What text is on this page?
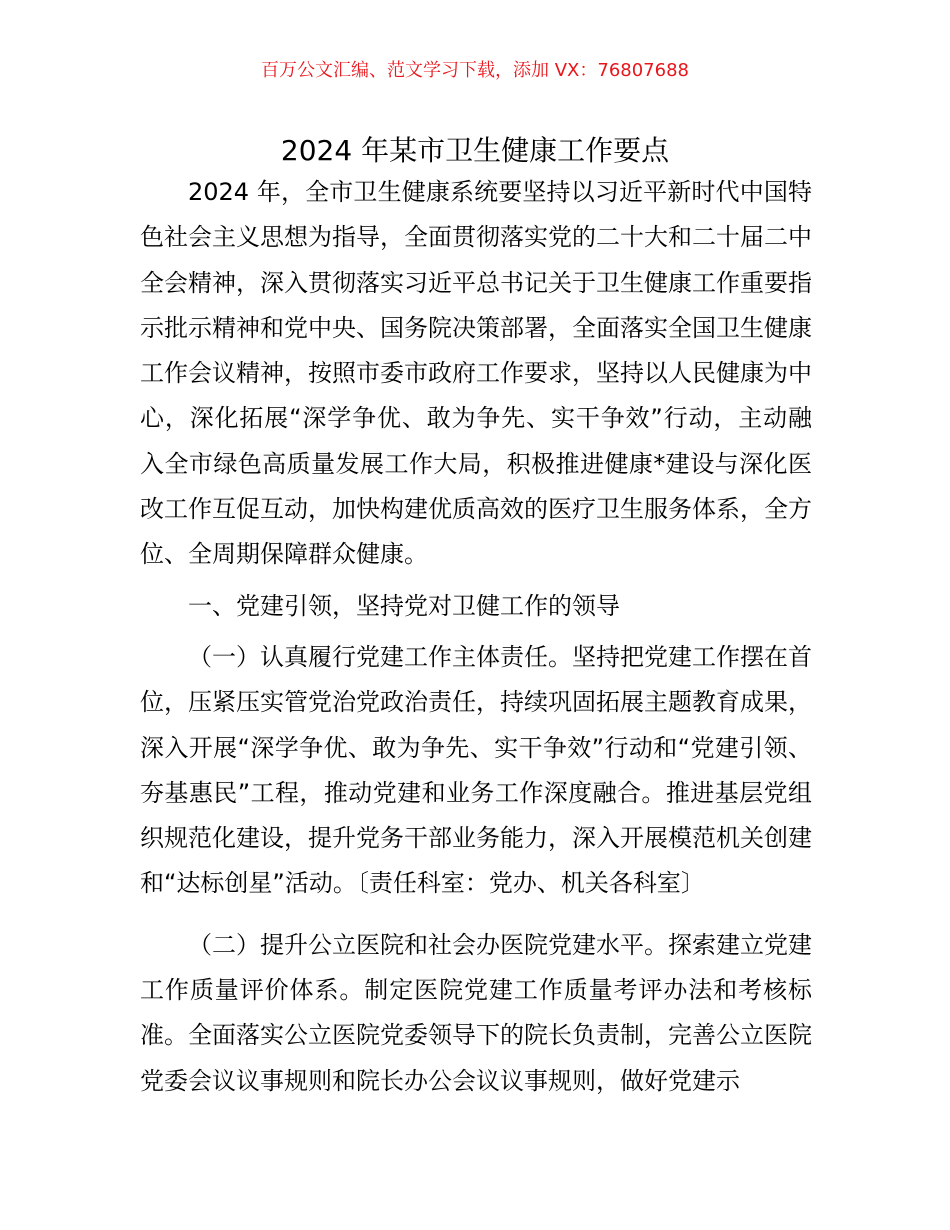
百万公文汇编、范文学习下载，添加 VX：76807688
2024 年某市卫生健康工作要点

2024 年，全市卫生健康系统要坚持以习近平新时代中国特色社会主义思想为指导，全面贯彻落实党的二十大和二十届二中全会精神，深入贯彻落实习近平总书记关于卫生健康工作重要指示批示精神和党中央、国务院决策部署，全面落实全国卫生健康工作会议精神，按照市委市政府工作要求，坚持以人民健康为中心，深化拓展“深学争优、敢为争先、实干争效”行动，主动融入全市绿色高质量发展工作大局，积极推进健康*建设与深化医改工作互促互动，加快构建优质高效的医疗卫生服务体系，全方位、全周期保障群众健康。

一、党建引领，坚持党对卫健工作的领导

（一）认真履行党建工作主体责任。坚持把党建工作摆在首位，压紧压实管党治党政治责任，持续巩固拓展主题教育成果，深入开展“深学争优、敢为争先、实干争效”行动和“党建引领、夯基惠民”工程，推动党建和业务工作深度融合。推进基层党组织规范化建设，提升党务干部业务能力，深入开展模范机关创建和“达标创星”活动。〔责任科室：党办、机关各科室〕

（二）提升公立医院和社会办医院党建水平。探索建立党建工作质量评价体系。制定医院党建工作质量考评办法和考核标准。全面落实公立医院党委领导下的院长负责制，完善公立医院党委会议议事规则和院长办公会议议事规则，做好党建示
